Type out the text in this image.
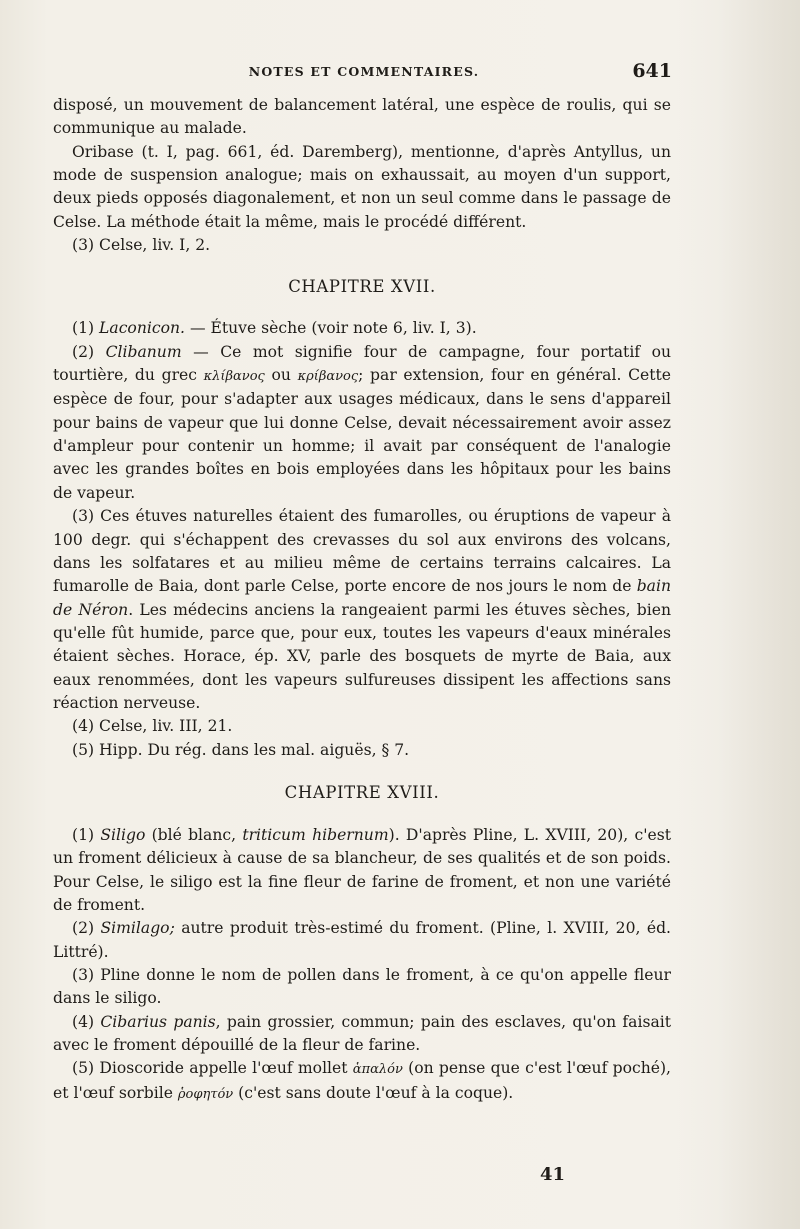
NOTES ET COMMENTAIRES.	641

disposé, un mouvement de balancement latéral, une espèce de roulis, qui se communique au malade.

Oribase (t. I, pag. 661, éd. Daremberg), mentionne, d'après Antyllus, un mode de suspension analogue; mais on exhaussait, au moyen d'un support, deux pieds opposés diagonalement, et non un seul comme dans le passage de Celse. La méthode était la même, mais le procédé différent.

(3) Celse, liv. I, 2.

CHAPITRE XVII.

(1) Laconicon. — Étuve sèche (voir note 6, liv. I, 3).

(2) Clibanum — Ce mot signifie four de campagne, four portatif ou tourtière, du grec κλίβανος ou κρίβανος; par extension, four en général. Cette espèce de four, pour s'adapter aux usages médicaux, dans le sens d'appareil pour bains de vapeur que lui donne Celse, devait nécessairement avoir assez d'ampleur pour contenir un homme; il avait par conséquent de l'analogie avec les grandes boîtes en bois employées dans les hôpitaux pour les bains de vapeur.

(3) Ces étuves naturelles étaient des fumarolles, ou éruptions de vapeur à 100 degr. qui s'échappent des crevasses du sol aux environs des volcans, dans les solfatares et au milieu même de certains terrains calcaires. La fumarolle de Baia, dont parle Celse, porte encore de nos jours le nom de bain de Néron. Les médecins anciens la rangeaient parmi les étuves sèches, bien qu'elle fût humide, parce que, pour eux, toutes les vapeurs d'eaux minérales étaient sèches. Horace, ép. XV, parle des bosquets de myrte de Baia, aux eaux renommées, dont les vapeurs sulfureuses dissipent les affections sans réaction nerveuse.

(4) Celse, liv. III, 21.

(5) Hipp. Du rég. dans les mal. aiguës, § 7.

CHAPITRE XVIII.

(1) Siligo (blé blanc, triticum hibernum). D'après Pline, L. XVIII, 20), c'est un froment délicieux à cause de sa blancheur, de ses qualités et de son poids. Pour Celse, le siligo est la fine fleur de farine de froment, et non une variété de froment.

(2) Similago; autre produit très-estimé du froment. (Pline, l. XVIII, 20, éd. Littré).

(3) Pline donne le nom de pollen dans le froment, à ce qu'on appelle fleur dans le siligo.

(4) Cibarius panis, pain grossier, commun; pain des esclaves, qu'on faisait avec le froment dépouillé de la fleur de farine.

(5) Dioscoride appelle l'œuf mollet ἁπαλόν (on pense que c'est l'œuf poché), et l'œuf sorbile ῥοφητόν (c'est sans doute l'œuf à la coque).

41
